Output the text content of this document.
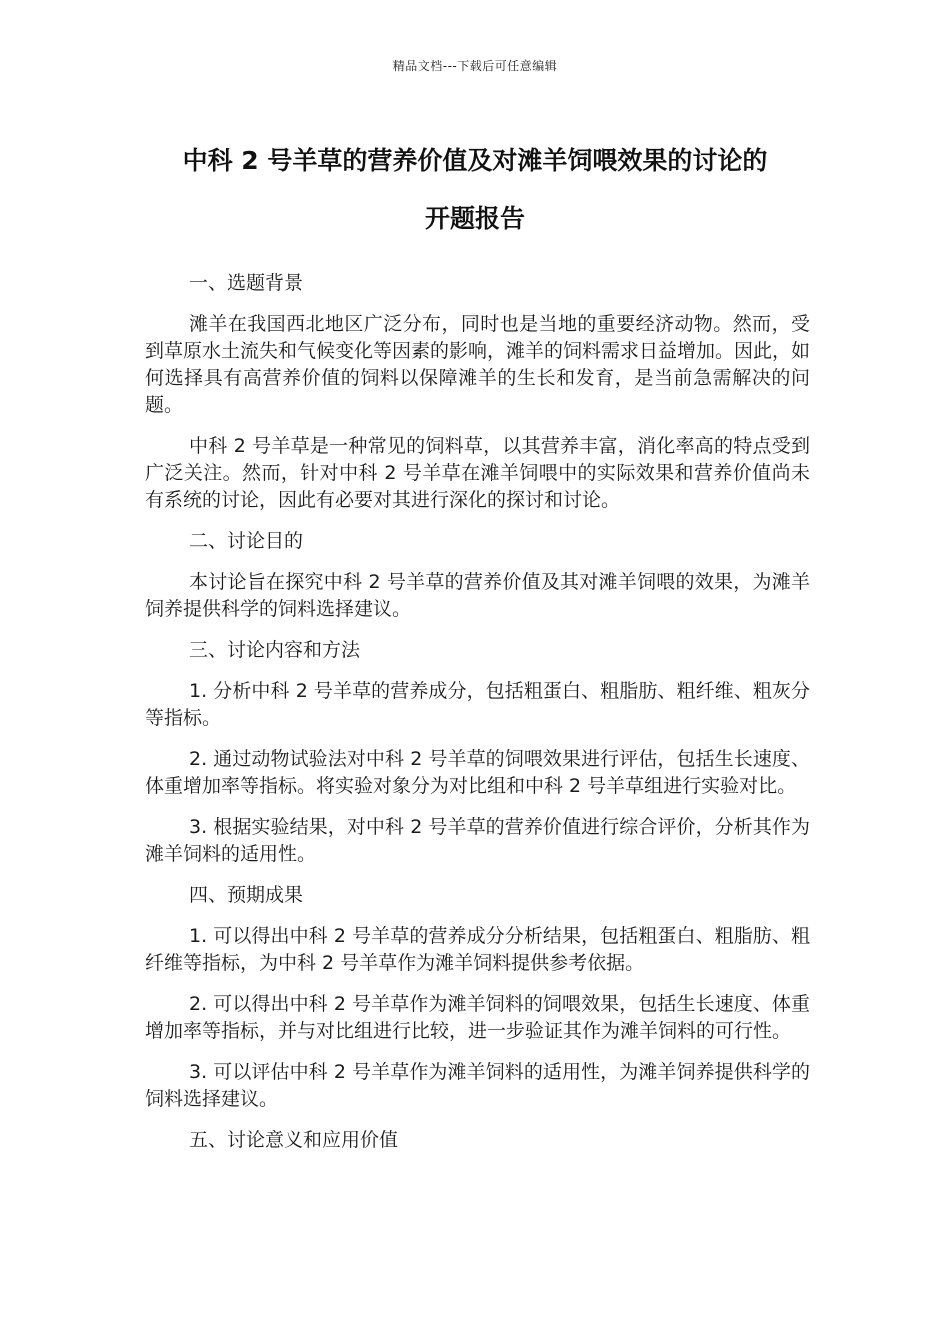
精品文档---下载后可任意编辑
中科 2 号羊草的营养价值及对滩羊饲喂效果的讨论的
开题报告

一、选题背景

滩羊在我国西北地区广泛分布，同时也是当地的重要经济动物。然而，受到草原水土流失和气候变化等因素的影响，滩羊的饲料需求日益增加。因此，如何选择具有高营养价值的饲料以保障滩羊的生长和发育，是当前急需解决的问题。

中科 2 号羊草是一种常见的饲料草，以其营养丰富，消化率高的特点受到广泛关注。然而，针对中科 2 号羊草在滩羊饲喂中的实际效果和营养价值尚未有系统的讨论，因此有必要对其进行深化的探讨和讨论。

二、讨论目的

本讨论旨在探究中科 2 号羊草的营养价值及其对滩羊饲喂的效果，为滩羊饲养提供科学的饲料选择建议。

三、讨论内容和方法

1. 分析中科 2 号羊草的营养成分，包括粗蛋白、粗脂肪、粗纤维、粗灰分等指标。

2. 通过动物试验法对中科 2 号羊草的饲喂效果进行评估，包括生长速度、体重增加率等指标。将实验对象分为对比组和中科 2 号羊草组进行实验对比。

3. 根据实验结果，对中科 2 号羊草的营养价值进行综合评价，分析其作为滩羊饲料的适用性。

四、预期成果

1. 可以得出中科 2 号羊草的营养成分分析结果，包括粗蛋白、粗脂肪、粗纤维等指标，为中科 2 号羊草作为滩羊饲料提供参考依据。

2. 可以得出中科 2 号羊草作为滩羊饲料的饲喂效果，包括生长速度、体重增加率等指标，并与对比组进行比较，进一步验证其作为滩羊饲料的可行性。

3. 可以评估中科 2 号羊草作为滩羊饲料的适用性，为滩羊饲养提供科学的饲料选择建议。

五、讨论意义和应用价值
